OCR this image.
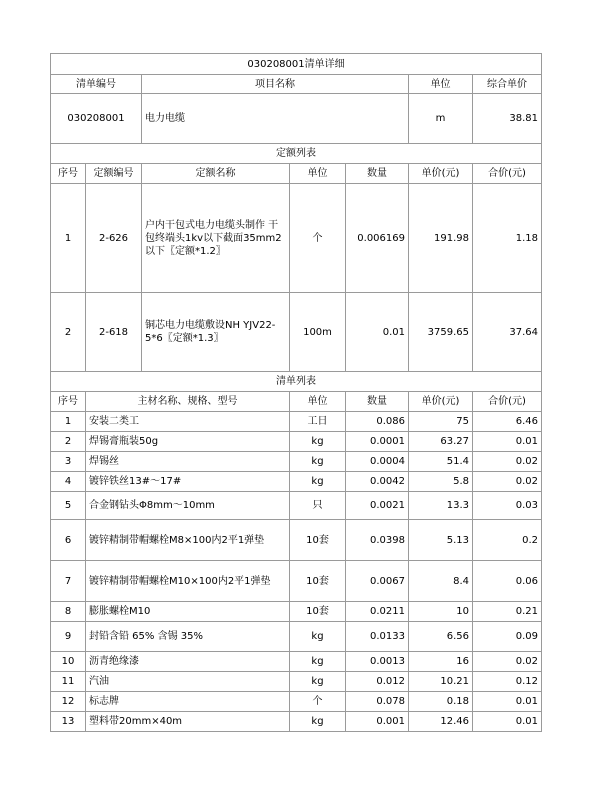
030208001清单详细						
清单编号		项目名称			单位	综合单价
030208001		电力电缆			m	38.81
定额列表						
序号	定额编号	定额名称	单位	数量	单价(元)	合价(元)
1	2-626	户内干包式电力电缆头制作 干包终端头1kv以下截面35mm2以下〖定额*1.2〗	个	0.006169	191.98	1.18
2	2-618	铜芯电力电缆敷设NH YJV22-5*6〖定额*1.3〗	100m	0.01	3759.65	37.64
清单列表						
序号	主材名称、规格、型号		单位	数量	单价(元)	合价(元)
1	安装二类工		工日	0.086	75	6.46
2	焊锡膏瓶装50g		kg	0.0001	63.27	0.01
3	焊锡丝		kg	0.0004	51.4	0.02
4	镀锌铁丝13#～17#		kg	0.0042	5.8	0.02
5	合金钢钻头Φ8mm～10mm		只	0.0021	13.3	0.03
6	镀锌精制带帽螺栓M8×100内2平1弹垫		10套	0.0398	5.13	0.2
7	镀锌精制带帽螺栓M10×100内2平1弹垫		10套	0.0067	8.4	0.06
8	膨胀螺栓M10		10套	0.0211	10	0.21
9	封铅含铅 65% 含锡 35%		kg	0.0133	6.56	0.09
10	沥青绝缘漆		kg	0.0013	16	0.02
11	汽油		kg	0.012	10.21	0.12
12	标志牌		个	0.078	0.18	0.01
13	塑料带20mm×40m		kg	0.001	12.46	0.01
